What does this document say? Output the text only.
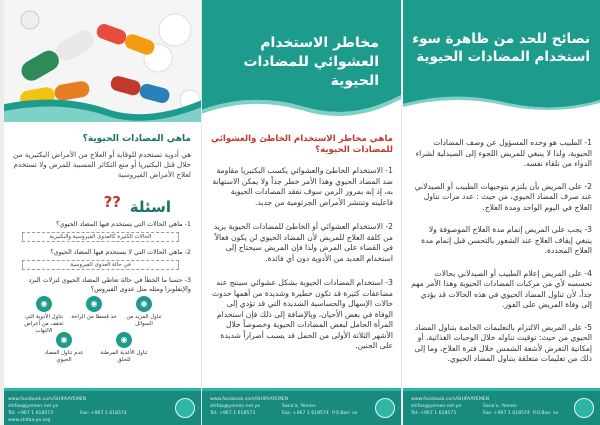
نصائح للحد من ظاهرة سوء استخدام المضادات الحيوية
1- الطبيب هو وحده المسؤول عن وصف المضادات الحيوية، ولذا لا ينبغي للمريض اللجوء إلى الصيدلية لشراء الدواء من تلقاء نفسه.
2- على المريض بأن يلتزم بتوجيهات الطبيب أو الصيدلاني عند صرف المضاد الحيوي، من حيث : عدد مرات تناول العلاج في اليوم الواحد ومدة العلاج.
3- يجب على المريض إتمام مدة العلاج الموصوفة ولا ينبغي إيقاف العلاج عند الشعور بالتحسن قبل إتمام مدة العلاج المحددة.
4- على المريض إعلام الطبيب أو الصيدلاني بحالات تحسسه لأي من مركبات المضادات الحيوية وهذا الأمر مهم جداً، لأن تناول المضاد الحيوي في هذه الحالات قد يؤدي إلى وفاة المريض على الفور.
5- على المريض الالتزام بالتعليمات الخاصة بتناول المضاد الحيوي من حيث: توقيت تناوله خلال الوجبات الغذائية، أو إمكانية التعرض لأشعة الشمس خلال فترة العلاج، وما إلى ذلك من تعليمات متعلقة بتناول المضاد الحيوي.
www.facebook.com/SHIFAAYEMEN
shifaa@yemen.net.ye
Tel: +967 1 618573
Sana'a, Yemen
Fax: +967 1 618574 P.O.Box: xx
مخاطر الاستخدام العشوائي للمضادات الحيوية
ماهي مخاطر الاستخدام الخاطئ والعشوائي للمضادات الحيوية؟
1- الاستخدام الخاطئ والعشوائي يكسب البكتيريا مقاومة ضد المضاد الحيوي وهذا الأمر خطر جداً ولا يمكن الاستهانة به، إذ إنه بمرور الزمن سوف تفقد المضادات الحيوية فاعليته وتنتشر الأمراض الجرثومية من جديد.
2- الاستخدام العشوائي أو الخاطئ للمضادات الحيوية يزيد من كلفة العلاج للمريض لأن المضاد الحيوي لن يكون فعالاً في القضاء على المرض ولذا فإن المريض سيحتاج إلى استخدام العديد من الأدوية دون أي فائدة.
3- استخدام المضادات الحيوية بشكل عشوائي سينتج عنه مضاعفات كثيرة قد تكون خطيرة وشديدة من أهمها حدوث حالات الإسهال والحساسية الشديدة التي قد تؤدي إلى الوفاة في بعض الأحيان، وبالإضافة إلى ذلك فإن استخدام المرأة الحامل لبعض المضادات الحيوية وخصوصاً خلال الأشهر الثلاثة الأولى من الحمل قد يسبب أضراراً شديدة على الجنين.
www.facebook.com/SHIFAAYEMEN
shifaa@yemen.net.ye
Tel: +967 1 618573
Sana'a, Yemen
Fax: +967 1 618574 P.O.Box: xx
ماهي المضادات الحيوية؟
هي أدوية تستخدم للوقاية أو العلاج من الأمراض البكتيرية من خلال قتل البكتيريا أو منع التكاثر المسببة للمرض ولا تستخدم لعلاج الأمراض الفيروسية
اسئلة
??
1- ماهي الحالات التي يستخدم فيها المضاد الحيوي؟
الحالات الكثيرة كالعدوى الفيروسية والبكتيرية
2- ماهي الحالات التي لا يستخدم فيها المضاد الحيوي؟
في حالة العدوى الفيروسية
3- حسنا ما الخطأ في حالة تعاطي المضاد الحيوي لنزلات البرد والإنفلونزا ومثله مثل عدوى الفيروس؟
◉
تناول المزيد من السوائل
◉
خذ قسطا من الراحة
◉
تناول الأدوية التي تخفف من أعراض الالتهاب
◉
تناول الأغذية المرطبة للحلق
◉
عدم تناول المضاد الحيوي
www.facebook.com/SHIFAAYEMEN
shifaa@yemen.net.ye
Tel: +967 1 618573	Fax: +967 1 618574
www.shifaa-ye.org
